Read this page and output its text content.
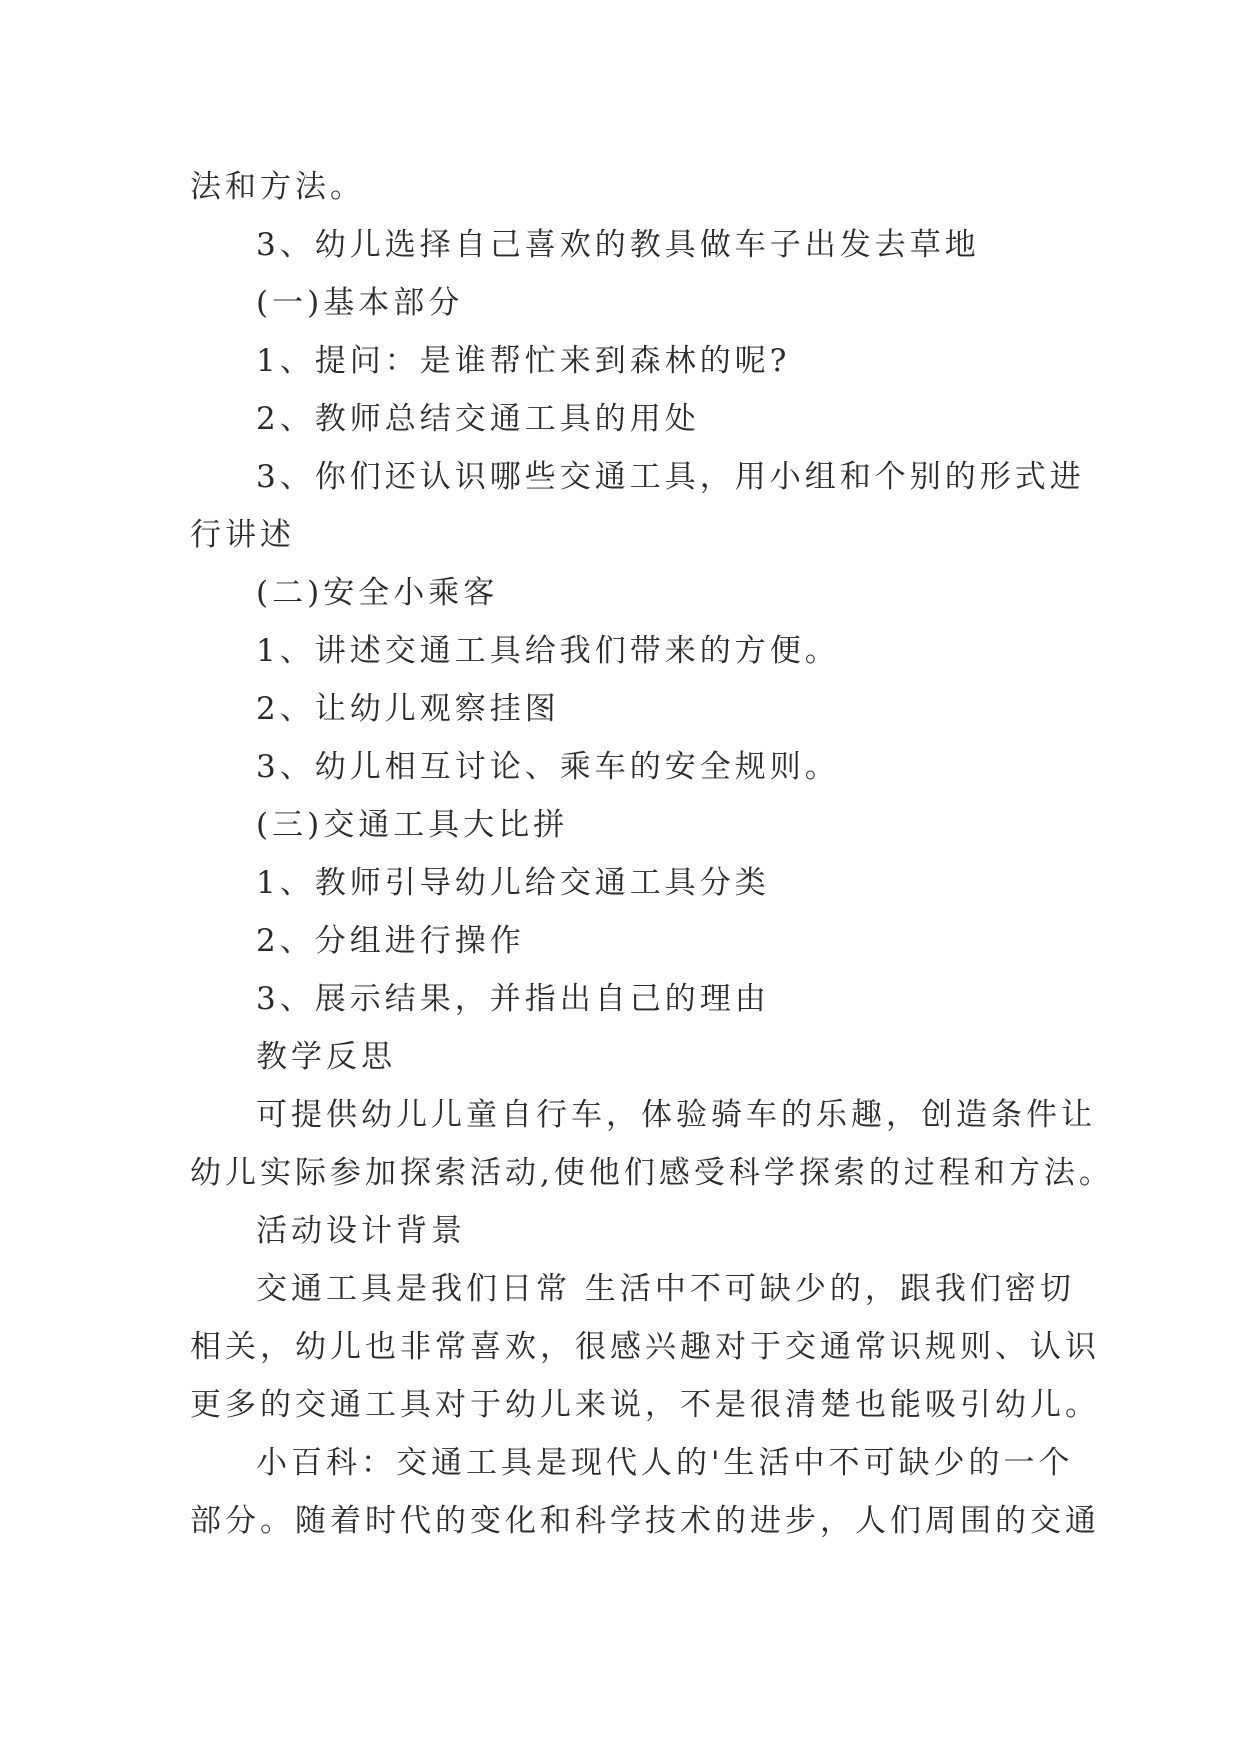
法和方法。
3、幼儿选择自己喜欢的教具做车子出发去草地
(一)基本部分
1、提问：是谁帮忙来到森林的呢?
2、教师总结交通工具的用处
3、你们还认识哪些交通工具，用小组和个别的形式进
行讲述
(二)安全小乘客
1、讲述交通工具给我们带来的方便。
2、让幼儿观察挂图
3、幼儿相互讨论、乘车的安全规则。
(三)交通工具大比拼
1、教师引导幼儿给交通工具分类
2、分组进行操作
3、展示结果，并指出自己的理由
教学反思
可提供幼儿儿童自行车，体验骑车的乐趣，创造条件让
幼儿实际参加探索活动,使他们感受科学探索的过程和方法。
活动设计背景
交通工具是我们日常 生活中不可缺少的，跟我们密切
相关，幼儿也非常喜欢，很感兴趣对于交通常识规则、认识
更多的交通工具对于幼儿来说，不是很清楚也能吸引幼儿。
小百科：交通工具是现代人的'生活中不可缺少的一个
部分。随着时代的变化和科学技术的进步，人们周围的交通
